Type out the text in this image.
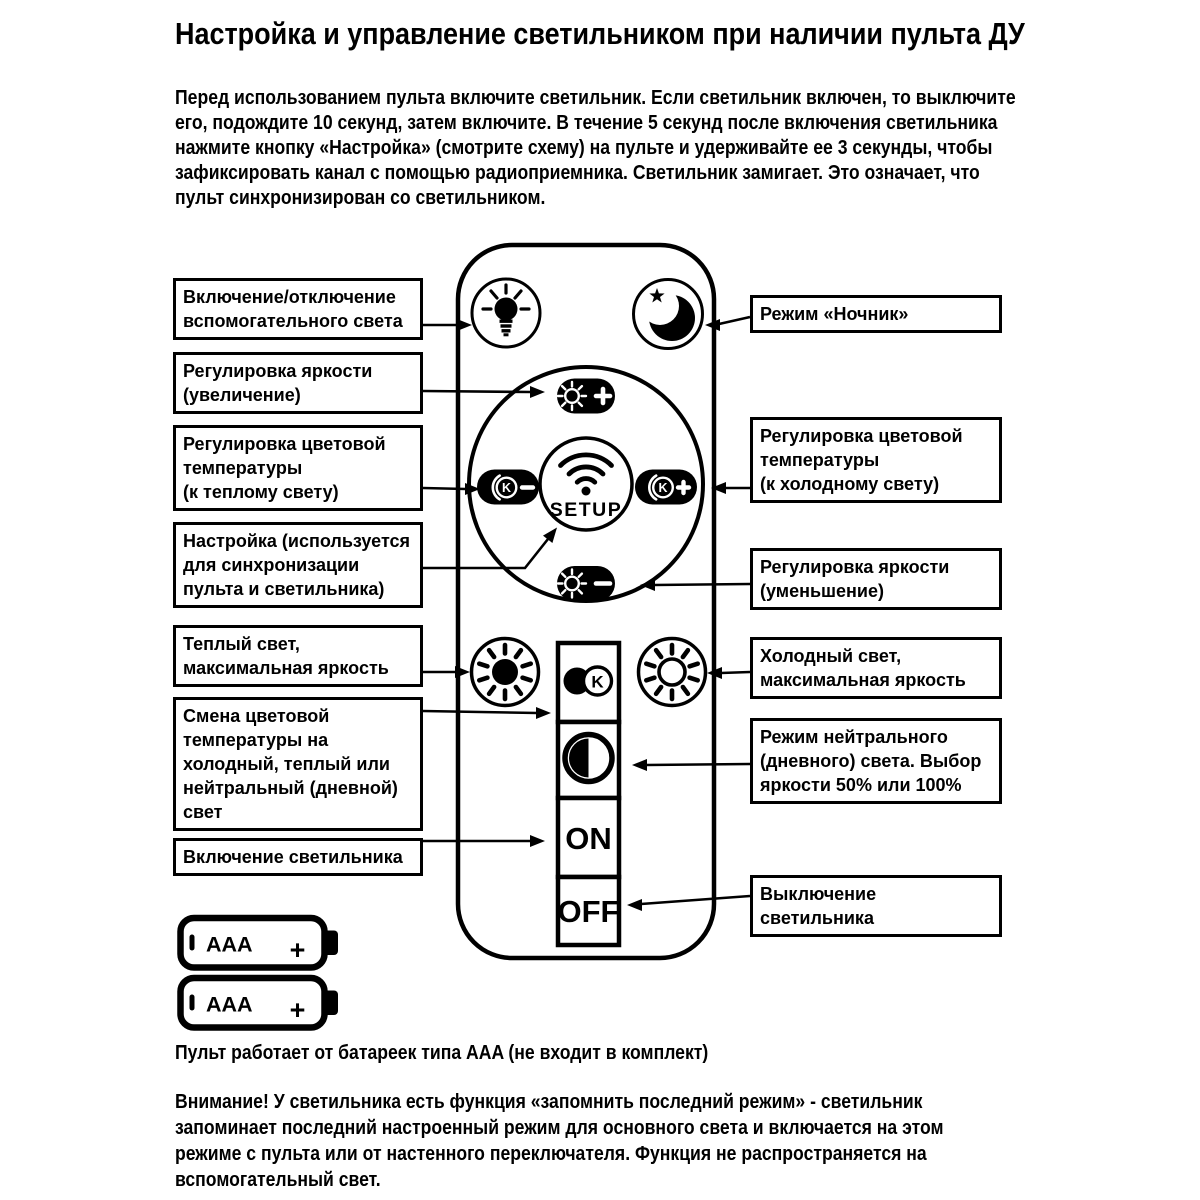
Настройка и управление светильником при наличии пульта ДУ
Перед использованием пульта включите светильник. Если светильник включен, то выключите
его, подождите 10 секунд, затем включите. В течение 5 секунд после включения светильника
нажмите кнопку «Настройка» (смотрите схему) на пульте и удерживайте ее 3 секунды, чтобы
зафиксировать канал с помощью радиоприемника. Светильник замигает. Это означает, что
пульт синхронизирован со светильником.
K	K
SETUP
K
ON
OFF
AAA +
AAA +
Включение/отключение
вспомогательного света
Регулировка яркости
(увеличение)
Регулировка цветовой
температуры
(к теплому свету)
Настройка (используется
для синхронизации
пульта и светильника)
Теплый свет,
максимальная яркость
Смена цветовой
температуры на
холодный, теплый или
нейтральный (дневной)
свет
Включение светильника
Режим «Ночник»
Регулировка цветовой
температуры
(к холодному свету)
Регулировка яркости
(уменьшение)
Холодный свет,
максимальная яркость
Режим нейтрального
(дневного) света. Выбор
яркости 50% или 100%
Выключение светильника
Пульт работает от батареек типа AAA (не входит в комплект)
Внимание! У светильника есть функция «запомнить последний режим» - светильник
запоминает последний настроенный режим для основного света и включается на этом
режиме с пульта или от настенного переключателя. Функция не распространяется на
вспомогательный свет.
